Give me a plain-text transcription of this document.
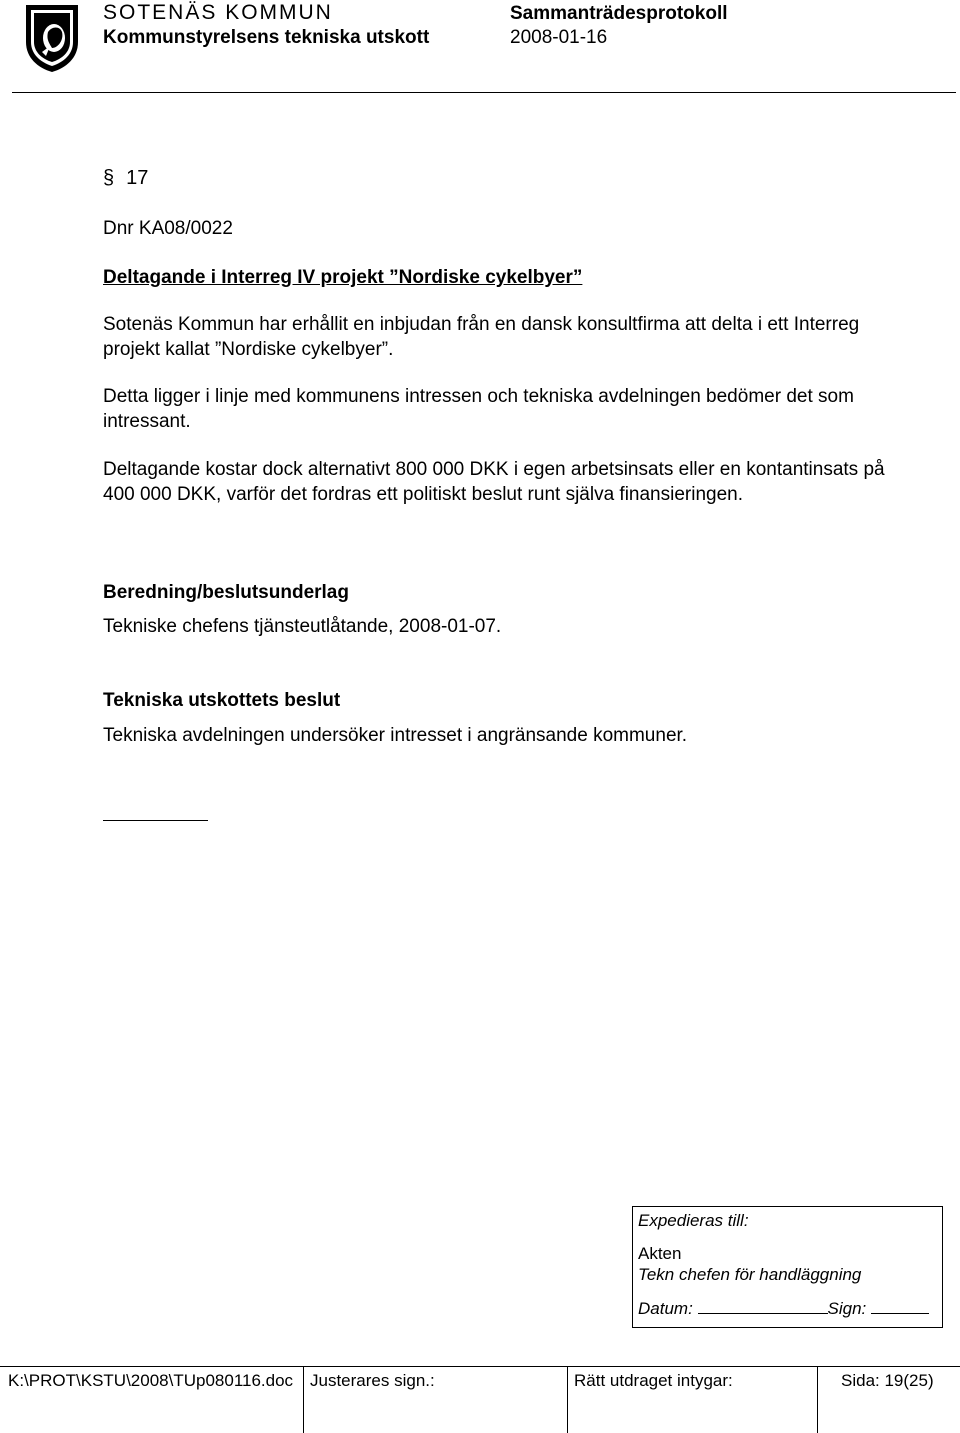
SOTENÄS KOMMUN
Kommunstyrelsens tekniska utskott
Sammanträdesprotokoll
2008-01-16
§ 17
Dnr KA08/0022
Deltagande i Interreg IV projekt ”Nordiske cykelbyer”
Sotenäs Kommun har erhållit en inbjudan från en dansk konsultfirma att delta i ett Interreg projekt kallat ”Nordiske cykelbyer”.
Detta ligger i linje med kommunens intressen och tekniska avdelningen bedömer det som intressant.
Deltagande kostar dock alternativt 800 000 DKK i egen arbetsinsats eller en kontantinsats på 400 000 DKK, varför det fordras ett politiskt beslut runt själva finansieringen.
Beredning/beslutsunderlag
Tekniske chefens tjänsteutlåtande, 2008-01-07.
Tekniska utskottets beslut
Tekniska avdelningen undersöker intresset i angränsande kommuner.
Expedieras till:
Akten
Tekn chefen för handläggning
Datum:	Sign:
K:\PROT\KSTU\2008\TUp080116.doc Justerares sign.:	Rätt utdraget intygar:	Sida: 19(25)
